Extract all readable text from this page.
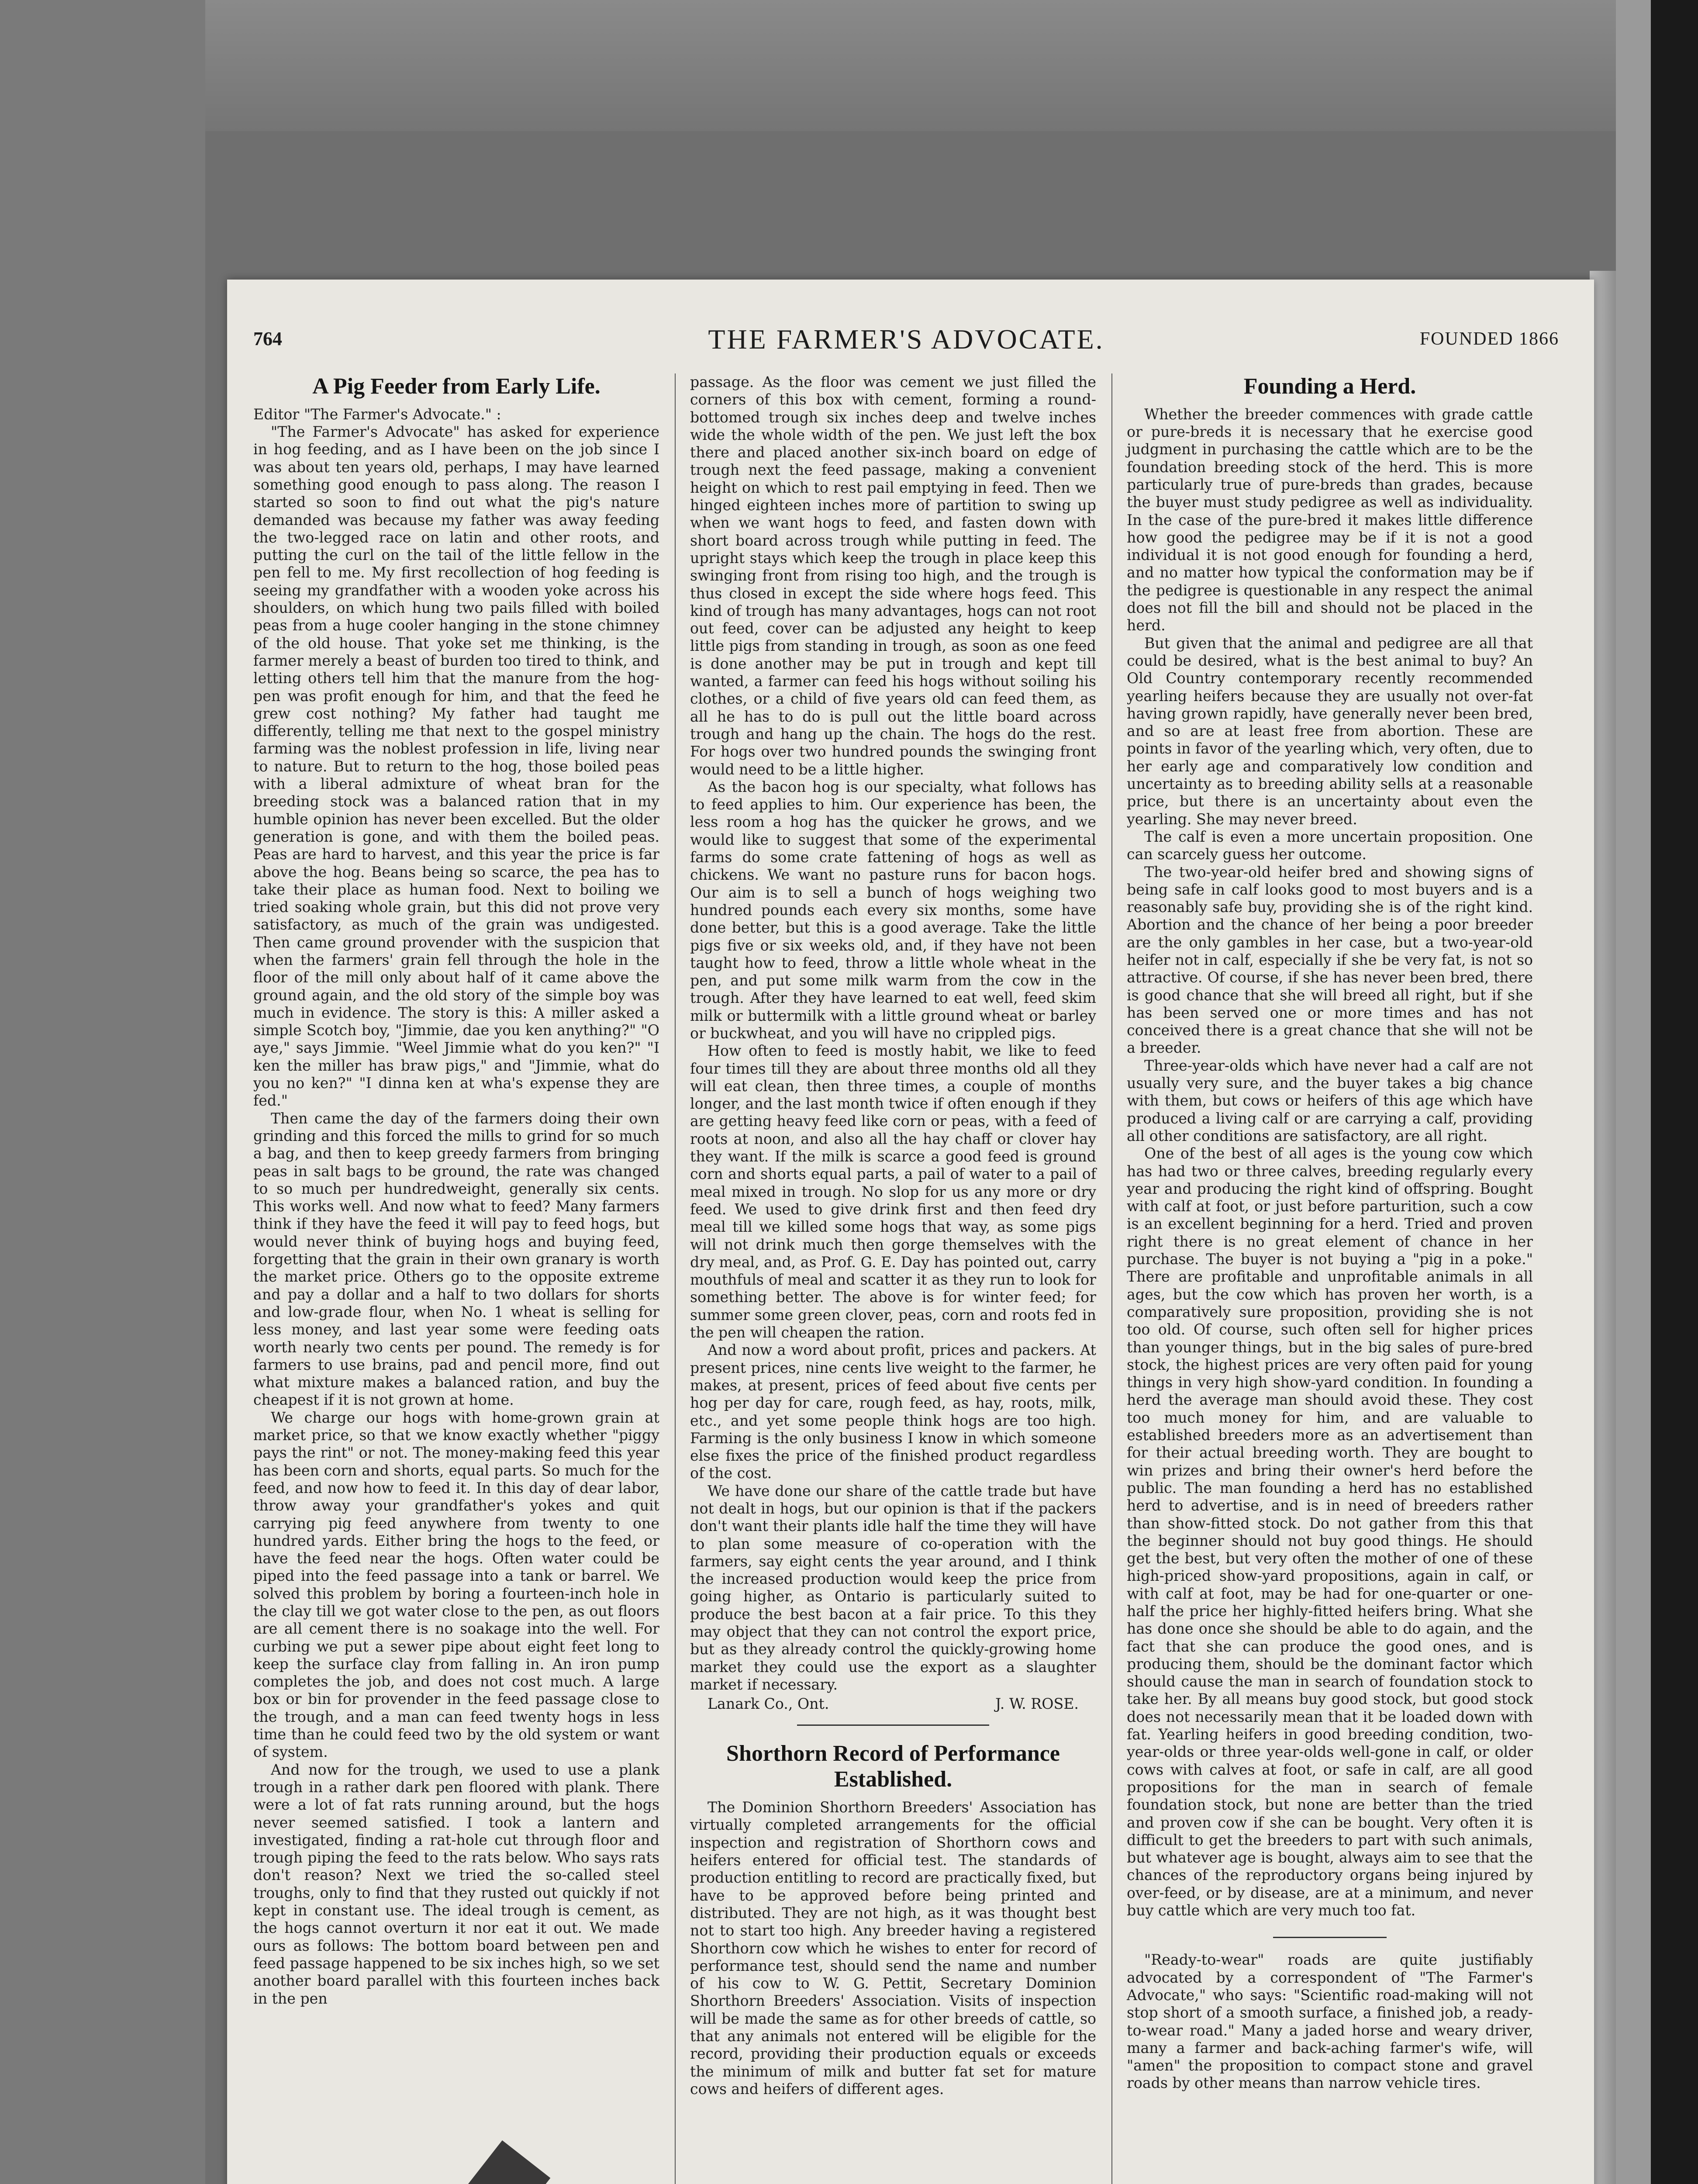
764	THE FARMER'S ADVOCATE.	FOUNDED 1866
A Pig Feeder from Early Life.

Editor "The Farmer's Advocate." :

"The Farmer's Advocate" has asked for experience in hog feeding, and as I have been on the job since I was about ten years old, perhaps, I may have learned something good enough to pass along. The reason I started so soon to find out what the pig's nature demanded was because my father was away feeding the two-legged race on latin and other roots, and putting the curl on the tail of the little fellow in the pen fell to me. My first recollection of hog feeding is seeing my grandfather with a wooden yoke across his shoulders, on which hung two pails filled with boiled peas from a huge cooler hanging in the stone chimney of the old house. That yoke set me thinking, is the farmer merely a beast of burden too tired to think, and letting others tell him that the manure from the hog-pen was profit enough for him, and that the feed he grew cost nothing? My father had taught me differently, telling me that next to the gospel ministry farming was the noblest profession in life, living near to nature. But to return to the hog, those boiled peas with a liberal admixture of wheat bran for the breeding stock was a balanced ration that in my humble opinion has never been excelled. But the older generation is gone, and with them the boiled peas. Peas are hard to harvest, and this year the price is far above the hog. Beans being so scarce, the pea has to take their place as human food. Next to boiling we tried soaking whole grain, but this did not prove very satisfactory, as much of the grain was undigested. Then came ground provender with the suspicion that when the farmers' grain fell through the hole in the floor of the mill only about half of it came above the ground again, and the old story of the simple boy was much in evidence. The story is this: A miller asked a simple Scotch boy, "Jimmie, dae you ken anything?" "O aye," says Jimmie. "Weel Jimmie what do you ken?" "I ken the miller has braw pigs," and "Jimmie, what do you no ken?" "I dinna ken at wha's expense they are fed."

Then came the day of the farmers doing their own grinding and this forced the mills to grind for so much a bag, and then to keep greedy farmers from bringing peas in salt bags to be ground, the rate was changed to so much per hundredweight, generally six cents. This works well. And now what to feed? Many farmers think if they have the feed it will pay to feed hogs, but would never think of buying hogs and buying feed, forgetting that the grain in their own granary is worth the market price. Others go to the opposite extreme and pay a dollar and a half to two dollars for shorts and low-grade flour, when No. 1 wheat is selling for less money, and last year some were feeding oats worth nearly two cents per pound. The remedy is for farmers to use brains, pad and pencil more, find out what mixture makes a balanced ration, and buy the cheapest if it is not grown at home.

We charge our hogs with home-grown grain at market price, so that we know exactly whether "piggy pays the rint" or not. The money-making feed this year has been corn and shorts, equal parts. So much for the feed, and now how to feed it. In this day of dear labor, throw away your grandfather's yokes and quit carrying pig feed anywhere from twenty to one hundred yards. Either bring the hogs to the feed, or have the feed near the hogs. Often water could be piped into the feed passage into a tank or barrel. We solved this problem by boring a fourteen-inch hole in the clay till we got water close to the pen, as out floors are all cement there is no soakage into the well. For curbing we put a sewer pipe about eight feet long to keep the surface clay from falling in. An iron pump completes the job, and does not cost much. A large box or bin for provender in the feed passage close to the trough, and a man can feed twenty hogs in less time than he could feed two by the old system or want of system.

And now for the trough, we used to use a plank trough in a rather dark pen floored with plank. There were a lot of fat rats running around, but the hogs never seemed satisfied. I took a lantern and investigated, finding a rat-hole cut through floor and trough piping the feed to the rats below. Who says rats don't reason? Next we tried the so-called steel troughs, only to find that they rusted out quickly if not kept in constant use. The ideal trough is cement, as the hogs cannot overturn it nor eat it out. We made ours as follows: The bottom board between pen and feed passage happened to be six inches high, so we set another board parallel with this fourteen inches back in the pen

passage. As the floor was cement we just filled the corners of this box with cement, forming a round-bottomed trough six inches deep and twelve inches wide the whole width of the pen. We just left the box there and placed another six-inch board on edge of trough next the feed passage, making a convenient height on which to rest pail emptying in feed. Then we hinged eighteen inches more of partition to swing up when we want hogs to feed, and fasten down with short board across trough while putting in feed. The upright stays which keep the trough in place keep this swinging front from rising too high, and the trough is thus closed in except the side where hogs feed. This kind of trough has many advantages, hogs can not root out feed, cover can be adjusted any height to keep little pigs from standing in trough, as soon as one feed is done another may be put in trough and kept till wanted, a farmer can feed his hogs without soiling his clothes, or a child of five years old can feed them, as all he has to do is pull out the little board across trough and hang up the chain. The hogs do the rest. For hogs over two hundred pounds the swinging front would need to be a little higher.

As the bacon hog is our specialty, what follows has to feed applies to him. Our experience has been, the less room a hog has the quicker he grows, and we would like to suggest that some of the experimental farms do some crate fattening of hogs as well as chickens. We want no pasture runs for bacon hogs. Our aim is to sell a bunch of hogs weighing two hundred pounds each every six months, some have done better, but this is a good average. Take the little pigs five or six weeks old, and, if they have not been taught how to feed, throw a little whole wheat in the pen, and put some milk warm from the cow in the trough. After they have learned to eat well, feed skim milk or buttermilk with a little ground wheat or barley or buckwheat, and you will have no crippled pigs.

How often to feed is mostly habit, we like to feed four times till they are about three months old all they will eat clean, then three times, a couple of months longer, and the last month twice if often enough if they are getting heavy feed like corn or peas, with a feed of roots at noon, and also all the hay chaff or clover hay they want. If the milk is scarce a good feed is ground corn and shorts equal parts, a pail of water to a pail of meal mixed in trough. No slop for us any more or dry feed. We used to give drink first and then feed dry meal till we killed some hogs that way, as some pigs will not drink much then gorge themselves with the dry meal, and, as Prof. G. E. Day has pointed out, carry mouthfuls of meal and scatter it as they run to look for something better. The above is for winter feed; for summer some green clover, peas, corn and roots fed in the pen will cheapen the ration.

And now a word about profit, prices and packers. At present prices, nine cents live weight to the farmer, he makes, at present, prices of feed about five cents per hog per day for care, rough feed, as hay, roots, milk, etc., and yet some people think hogs are too high. Farming is the only business I know in which someone else fixes the price of the finished product regardless of the cost.

We have done our share of the cattle trade but have not dealt in hogs, but our opinion is that if the packers don't want their plants idle half the time they will have to plan some measure of co-operation with the farmers, say eight cents the year around, and I think the increased production would keep the price from going higher, as Ontario is particularly suited to produce the best bacon at a fair price. To this they may object that they can not control the export price, but as they already control the quickly-growing home market they could use the export as a slaughter market if necessary.

Lanark Co., Ont.	J. W. ROSE.

Shorthorn Record of Performance Established.

The Dominion Shorthorn Breeders' Association has virtually completed arrangements for the official inspection and registration of Shorthorn cows and heifers entered for official test. The standards of production entitling to record are practically fixed, but have to be approved before being printed and distributed. They are not high, as it was thought best not to start too high. Any breeder having a registered Shorthorn cow which he wishes to enter for record of performance test, should send the name and number of his cow to W. G. Pettit, Secretary Dominion Shorthorn Breeders' Association. Visits of inspection will be made the same as for other breeds of cattle, so that any animals not entered will be eligible for the record, providing their production equals or exceeds the minimum of milk and butter fat set for mature cows and heifers of different ages.

Founding a Herd.

Whether the breeder commences with grade cattle or pure-breds it is necessary that he exercise good judgment in purchasing the cattle which are to be the foundation breeding stock of the herd. This is more particularly true of pure-breds than grades, because the buyer must study pedigree as well as individuality. In the case of the pure-bred it makes little difference how good the pedigree may be if it is not a good individual it is not good enough for founding a herd, and no matter how typical the conformation may be if the pedigree is questionable in any respect the animal does not fill the bill and should not be placed in the herd.

But given that the animal and pedigree are all that could be desired, what is the best animal to buy? An Old Country contemporary recently recommended yearling heifers because they are usually not over-fat having grown rapidly, have generally never been bred, and so are at least free from abortion. These are points in favor of the yearling which, very often, due to her early age and comparatively low condition and uncertainty as to breeding ability sells at a reasonable price, but there is an uncertainty about even the yearling. She may never breed.

The calf is even a more uncertain proposition. One can scarcely guess her outcome.

The two-year-old heifer bred and showing signs of being safe in calf looks good to most buyers and is a reasonably safe buy, providing she is of the right kind. Abortion and the chance of her being a poor breeder are the only gambles in her case, but a two-year-old heifer not in calf, especially if she be very fat, is not so attractive. Of course, if she has never been bred, there is good chance that she will breed all right, but if she has been served one or more times and has not conceived there is a great chance that she will not be a breeder.

Three-year-olds which have never had a calf are not usually very sure, and the buyer takes a big chance with them, but cows or heifers of this age which have produced a living calf or are carrying a calf, providing all other conditions are satisfactory, are all right.

One of the best of all ages is the young cow which has had two or three calves, breeding regularly every year and producing the right kind of offspring. Bought with calf at foot, or just before parturition, such a cow is an excellent beginning for a herd. Tried and proven right there is no great element of chance in her purchase. The buyer is not buying a "pig in a poke." There are profitable and unprofitable animals in all ages, but the cow which has proven her worth, is a comparatively sure proposition, providing she is not too old. Of course, such often sell for higher prices than younger things, but in the big sales of pure-bred stock, the highest prices are very often paid for young things in very high show-yard condition. In founding a herd the average man should avoid these. They cost too much money for him, and are valuable to established breeders more as an advertisement than for their actual breeding worth. They are bought to win prizes and bring their owner's herd before the public. The man founding a herd has no established herd to advertise, and is in need of breeders rather than show-fitted stock. Do not gather from this that the beginner should not buy good things. He should get the best, but very often the mother of one of these high-priced show-yard propositions, again in calf, or with calf at foot, may be had for one-quarter or one-half the price her highly-fitted heifers bring. What she has done once she should be able to do again, and the fact that she can produce the good ones, and is producing them, should be the dominant factor which should cause the man in search of foundation stock to take her. By all means buy good stock, but good stock does not necessarily mean that it be loaded down with fat. Yearling heifers in good breeding condition, two-year-olds or three year-olds well-gone in calf, or older cows with calves at foot, or safe in calf, are all good propositions for the man in search of female foundation stock, but none are better than the tried and proven cow if she can be bought. Very often it is difficult to get the breeders to part with such animals, but whatever age is bought, always aim to see that the chances of the reproductory organs being injured by over-feed, or by disease, are at a minimum, and never buy cattle which are very much too fat.

"Ready-to-wear" roads are quite justifiably advocated by a correspondent of "The Farmer's Advocate," who says: "Scientific road-making will not stop short of a smooth surface, a finished job, a ready-to-wear road." Many a jaded horse and weary driver, many a farmer and back-aching farmer's wife, will "amen" the proposition to compact stone and gravel roads by other means than narrow vehicle tires.
